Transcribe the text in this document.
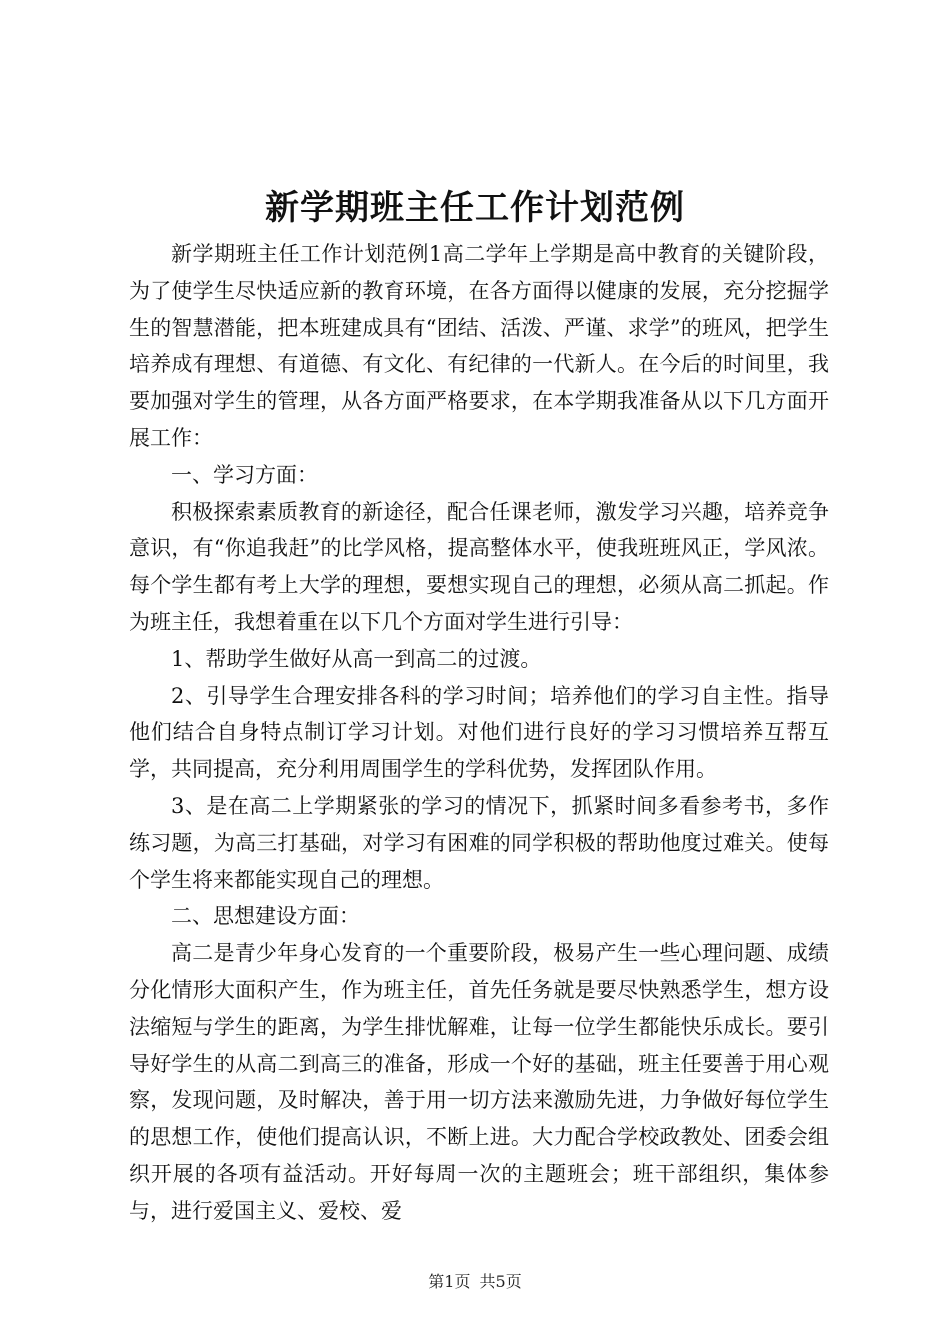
新学期班主任工作计划范例

新学期班主任工作计划范例1高二学年上学期是高中教育的关键阶段，为了使学生尽快适应新的教育环境，在各方面得以健康的发展，充分挖掘学生的智慧潜能，把本班建成具有“团结、活泼、严谨、求学”的班风，把学生培养成有理想、有道德、有文化、有纪律的一代新人。在今后的时间里，我要加强对学生的管理，从各方面严格要求，在本学期我准备从以下几方面开展工作：

一、学习方面：

积极探索素质教育的新途径，配合任课老师，激发学习兴趣，培养竞争意识，有“你追我赶”的比学风格，提高整体水平，使我班班风正，学风浓。每个学生都有考上大学的理想，要想实现自己的理想，必须从高二抓起。作为班主任，我想着重在以下几个方面对学生进行引导：

1、帮助学生做好从高一到高二的过渡。

2、引导学生合理安排各科的学习时间；培养他们的学习自主性。指导他们结合自身特点制订学习计划。对他们进行良好的学习习惯培养互帮互学，共同提高，充分利用周围学生的学科优势，发挥团队作用。

3、是在高二上学期紧张的学习的情况下，抓紧时间多看参考书，多作练习题，为高三打基础，对学习有困难的同学积极的帮助他度过难关。使每个学生将来都能实现自己的理想。

二、思想建设方面：

高二是青少年身心发育的一个重要阶段，极易产生一些心理问题、成绩分化情形大面积产生，作为班主任，首先任务就是要尽快熟悉学生，想方设法缩短与学生的距离，为学生排忧解难，让每一位学生都能快乐成长。要引导好学生的从高二到高三的准备，形成一个好的基础，班主任要善于用心观察，发现问题，及时解决，善于用一切方法来激励先进，力争做好每位学生的思想工作，使他们提高认识，不断上进。大力配合学校政教处、团委会组织开展的各项有益活动。开好每周一次的主题班会；班干部组织，集体参与，进行爱国主义、爱校、爱

第1页 共5页
